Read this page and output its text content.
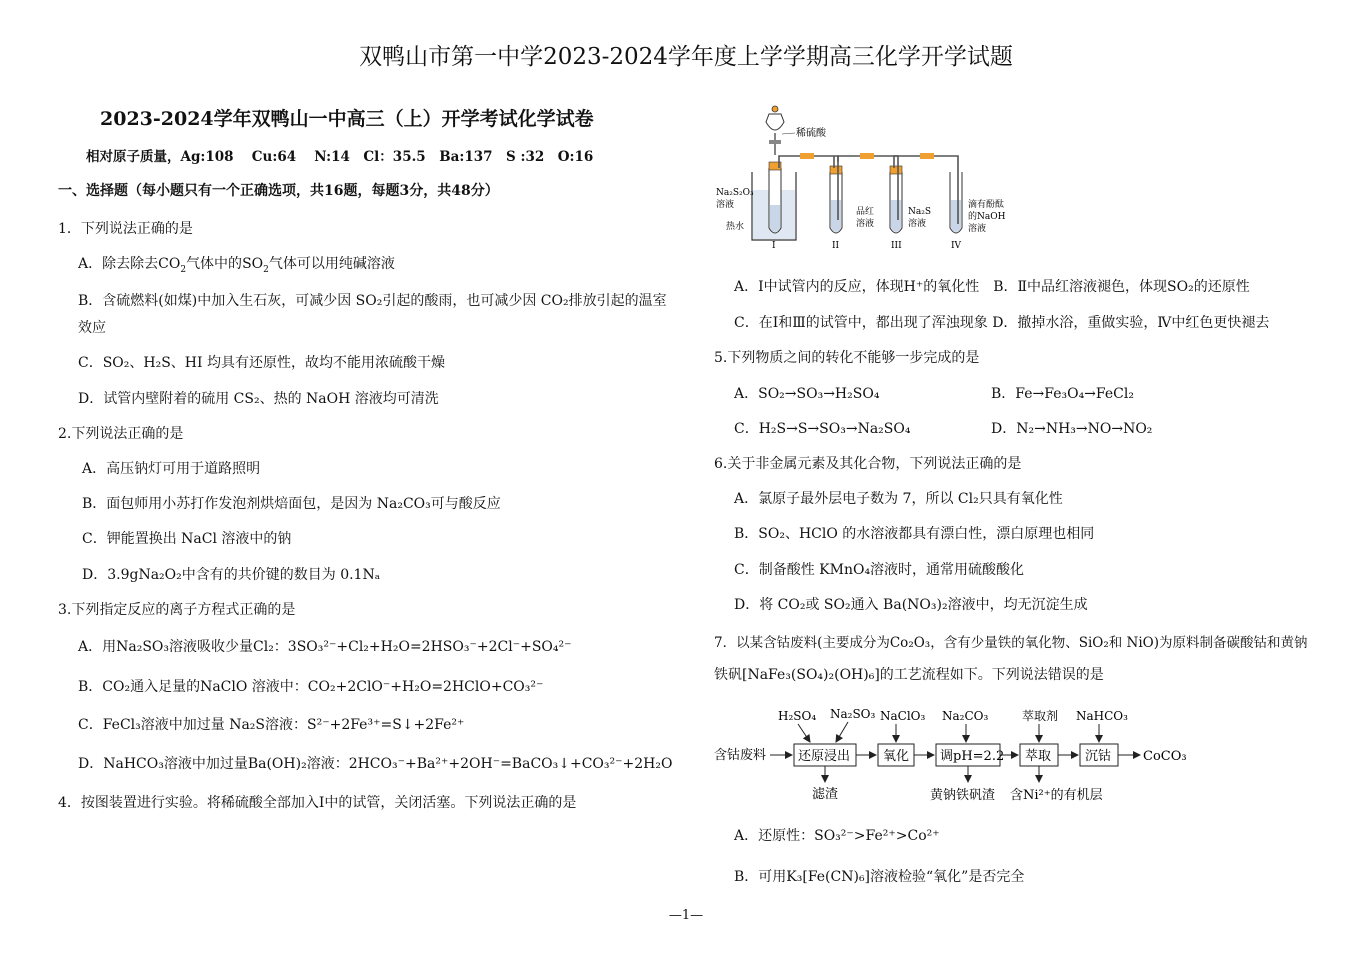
双鸭山市第一中学2023-2024学年度上学学期高三化学开学试题
2023-2024学年双鸭山一中高三（上）开学考试化学试卷
相对原子质量，Ag:108　 Cu:64　 N:14　Cl：35.5　Ba:137　S :32　O:16
一、选择题（每小题只有一个正确选项，共16题，每题3分，共48分）
1．下列说法正确的是
A．除去除去$CO_2$气体中的$SO_2$气体可以用纯碱溶液
B．含硫燃料(如煤)中加入生石灰，可减少因 SO₂引起的酸雨，也可减少因 CO₂排放引起的温室
效应
C．SO₂、H₂S、HI 均具有还原性，故均不能用浓硫酸干燥
D．试管内壁附着的硫用 CS₂、热的 NaOH 溶液均可清洗
2.下列说法正确的是
A．高压钠灯可用于道路照明
B．面包师用小苏打作发泡剂烘焙面包，是因为 Na₂CO₃可与酸反应
C．钾能置换出 NaCl 溶液中的钠
D．3.9gNa₂O₂中含有的共价键的数目为 0.1Nₐ
3.下列指定反应的离子方程式正确的是
A．用Na₂SO₃溶液吸收少量Cl₂：3SO₃²⁻+Cl₂+H₂O=2HSO₃⁻+2Cl⁻+SO₄²⁻
B．CO₂通入足量的NaClO 溶液中：CO₂+2ClO⁻+H₂O=2HClO+CO₃²⁻
C．FeCl₃溶液中加过量 Na₂S溶液：S²⁻+2Fe³⁺=S↓+2Fe²⁺
D．NaHCO₃溶液中加过量Ba(OH)₂溶液：2HCO₃⁻+Ba²⁺+2OH⁻=BaCO₃↓+CO₃²⁻+2H₂O
4．按图装置进行实验。将稀硫酸全部加入Ⅰ中的试管，关闭活塞。下列说法正确的是
稀硫酸
Na₂S₂O₃
溶液
热水
品红
溶液
Na₂S
溶液
滴有酚酞
的NaOH
溶液
I	II	III	IV
A．Ⅰ中试管内的反应，体现H⁺的氧化性　B．Ⅱ中品红溶液褪色，体现SO₂的还原性
C．在Ⅰ和Ⅲ的试管中，都出现了浑浊现象 D．撤掉水浴，重做实验，Ⅳ中红色更快褪去
5.下列物质之间的转化不能够一步完成的是
A．SO₂→SO₃→H₂SO₄	B．Fe→Fe₃O₄→FeCl₂
C．H₂S→S→SO₃→Na₂SO₄	D．N₂→NH₃→NO→NO₂
6.关于非金属元素及其化合物，下列说法正确的是
A．氯原子最外层电子数为 7，所以 Cl₂只具有氧化性
B．SO₂、HClO 的水溶液都具有漂白性，漂白原理也相同
C．制备酸性 KMnO₄溶液时，通常用硫酸酸化
D．将 CO₂或 SO₂通入 Ba(NO₃)₂溶液中，均无沉淀生成
7．以某含钴废料(主要成分为Co₂O₃，含有少量铁的氧化物、SiO₂和 NiO)为原料制备碳酸钴和黄钠
铁矾[NaFe₃(SO₄)₂(OH)₆]的工艺流程如下。下列说法错误的是
含钴废料 还原浸出	氧化 调pH=2.2 萃取	沉钴 CoCO₃
H₂SO₄ Na₂SO₃ NaClO₃ Na₂CO₃	萃取剂 NaHCO₃
滤渣	黄钠铁矾渣 含Ni²⁺的有机层
A．还原性：SO₃²⁻>Fe²⁺>Co²⁺
B．可用K₃[Fe(CN)₆]溶液检验“氧化”是否完全
—1—
